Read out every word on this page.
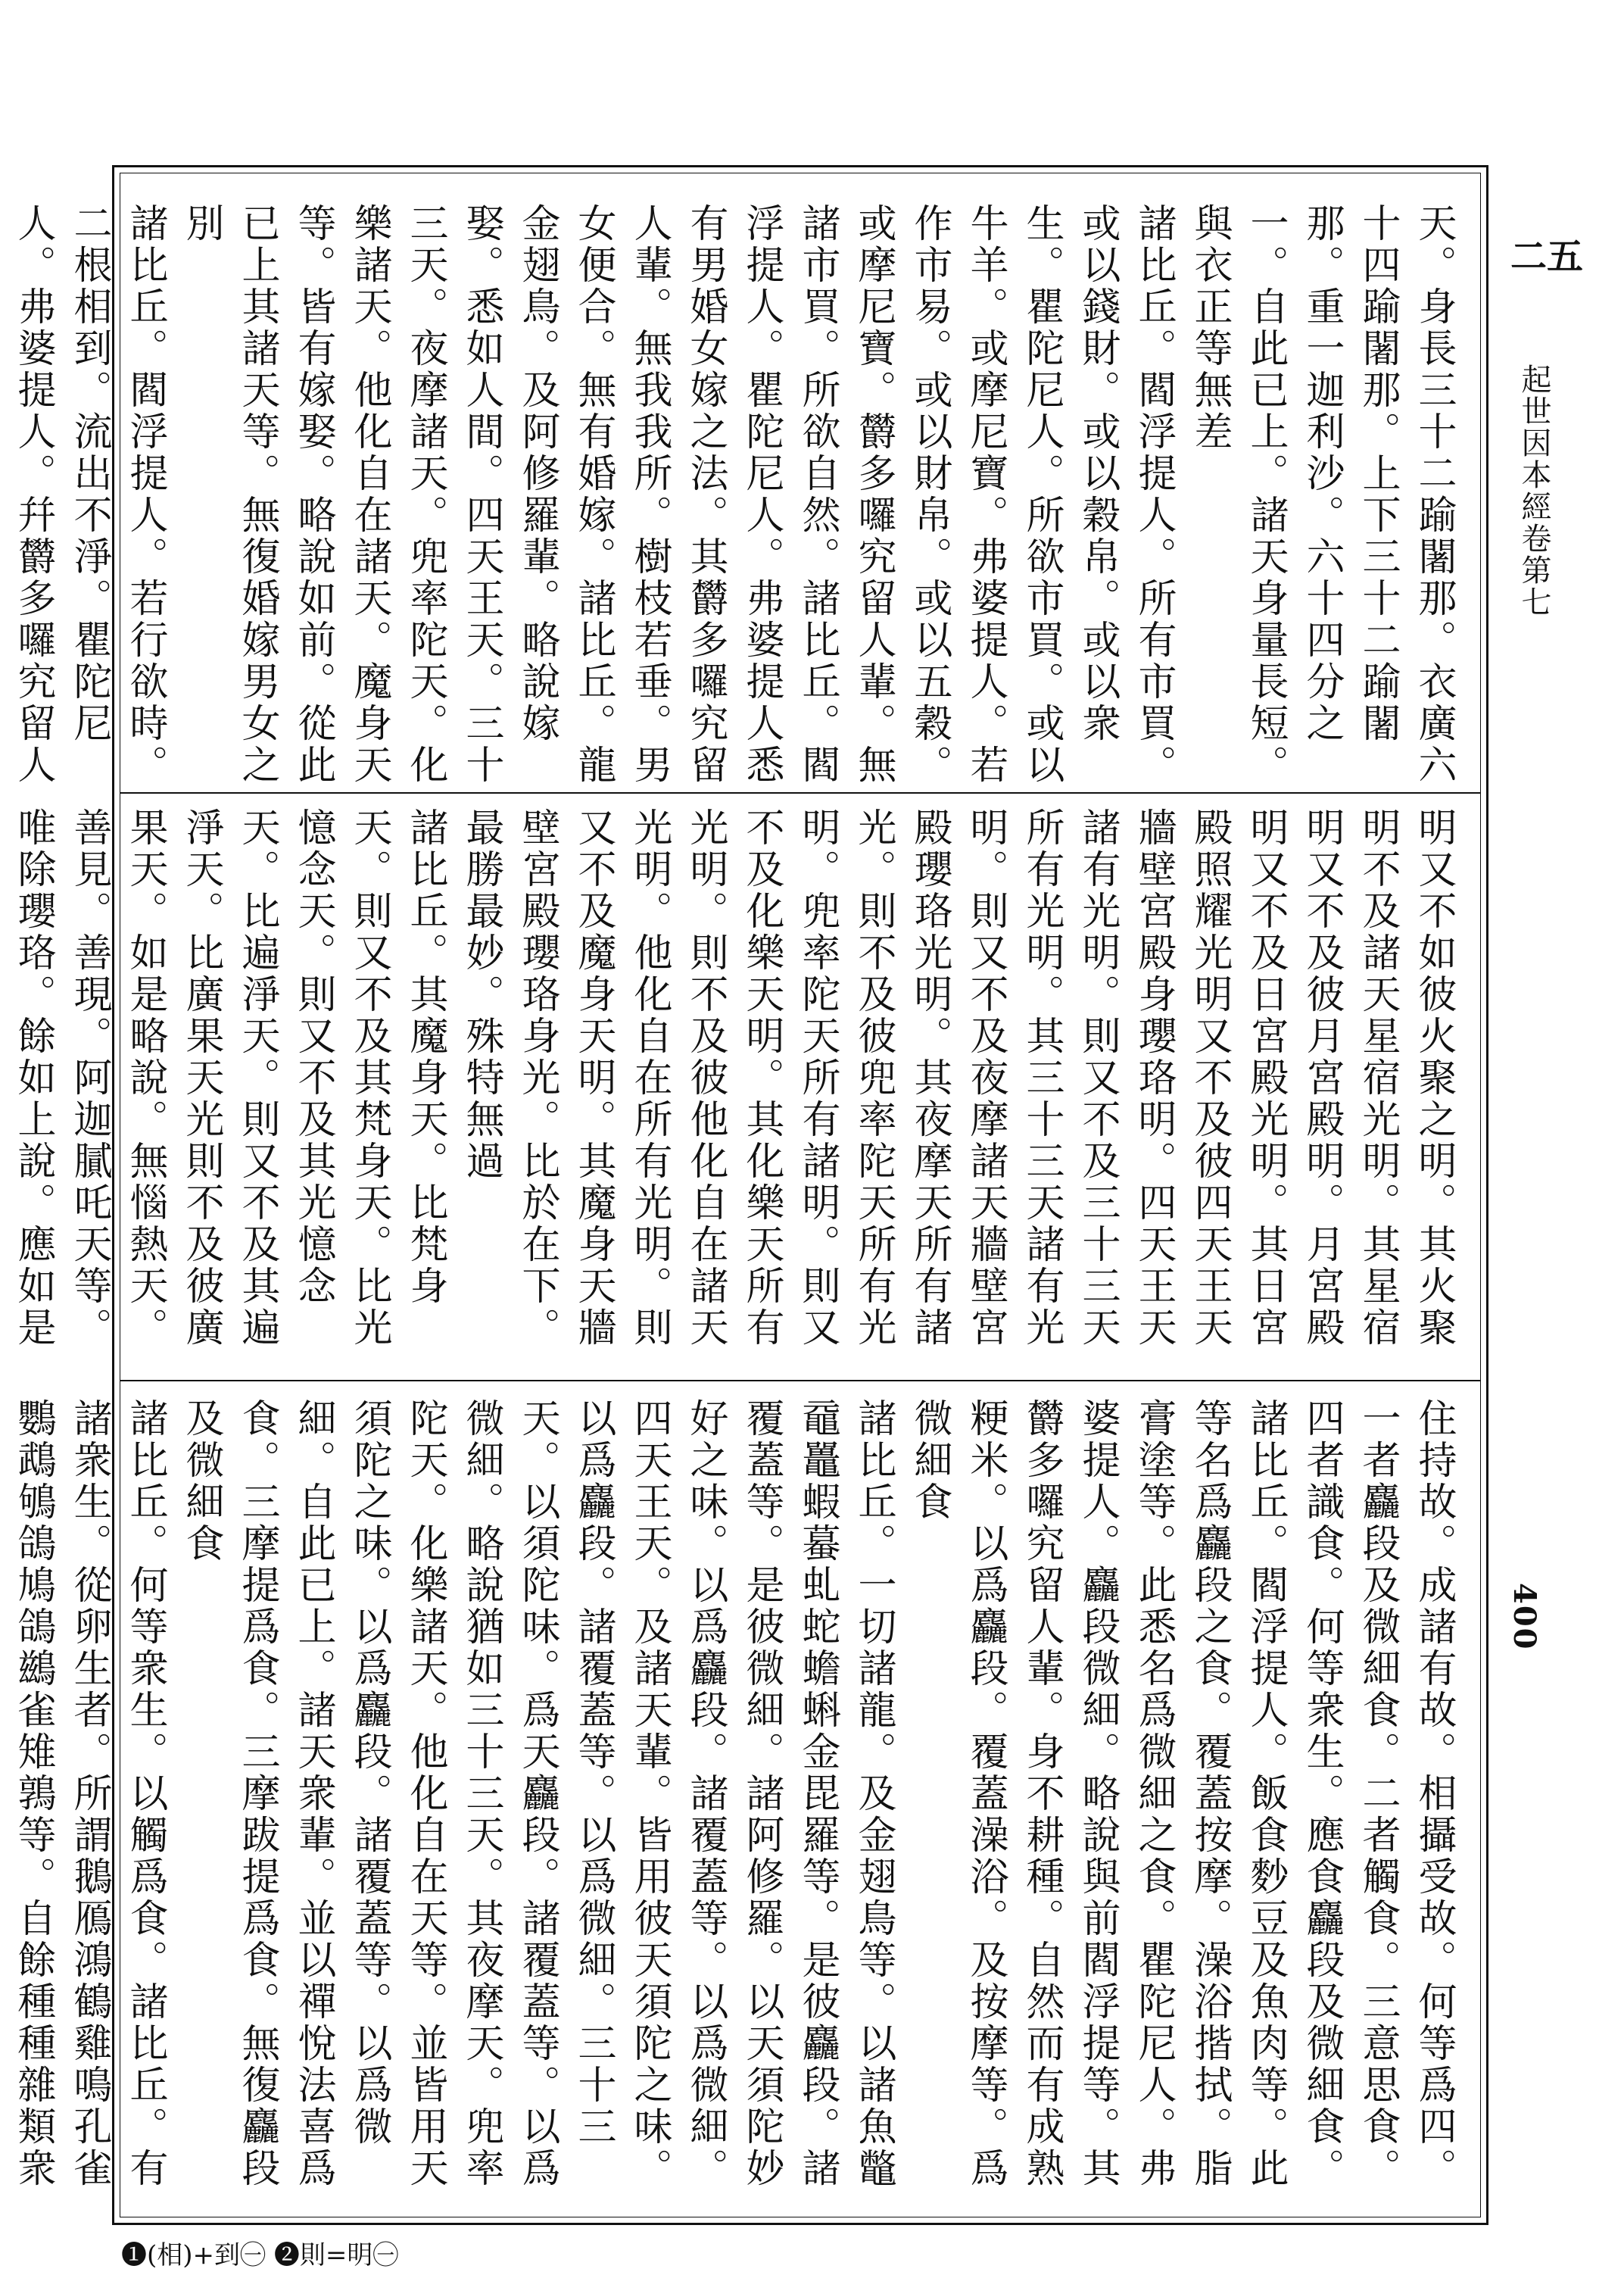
二五
起世因本經卷第七
400

天。身長三十二踰闍那。衣廣六十四踰闍那。上下三十二踰闍那。重一迦利沙。六十四分之一。自此已上。諸天身量長短。與衣正等無差

諸比丘。閻浮提人。所有市買。或以錢財。或以穀帛。或以衆生。瞿陀尼人。所欲市買。或以牛羊。或摩尼寶。弗婆提人。若作市易。或以財帛。或以五穀。或摩尼寶。欝多囉究留人輩。無諸市買。所欲自然。諸比丘。閻浮提人。瞿陀尼人。弗婆提人悉有男婚女嫁之法。其欝多囉究留人輩。無我我所。樹枝若垂。男女便合。無有婚嫁。諸比丘。龍金翅鳥。及阿修羅輩。略說嫁娶。悉如人間。四天王天。三十三天。夜摩諸天。兜率陀天。化樂諸天。他化自在諸天。魔身天等。皆有嫁娶。略說如前。從此已上其諸天等。無復婚嫁男女之別

諸比丘。閻浮提人。若行欲時。二根相到。流出不淨。瞿陀尼人。弗婆提人。幷欝多囉究留人

明又不如彼火聚之明。其火聚明不及諸天星宿光明。其星宿明又不及彼月宮殿明。月宮殿明又不及日宮殿光明。其日宮殿照耀光明又不及彼四天王天牆壁宮殿身瓔珞明。四天王天諸有光明。則又不及三十三天所有光明。其三十三天諸有光明。則又不及夜摩諸天牆壁宮殿瓔珞光明。其夜摩天所有諸光。則不及彼兜率陀天所有光明。兜率陀天所有諸明。則又不及化樂天明。其化樂天所有光明。則不及彼他化自在諸天光明。他化自在所有光明。則又不及魔身天明。其魔身天牆壁宮殿瓔珞身光。比於在下。最勝最妙。殊特無過

諸比丘。其魔身天。比梵身天。則又不及其梵身天。比光憶念天。則又不及其光憶念天。比遍淨天。則又不及其遍淨天。比廣果天光則不及彼廣果天。如是略說。無惱熱天。善見。善現。阿迦膩吒天等。唯除瓔珞。餘如上說。應如是

住持故。成諸有故。相攝受故。何等爲四。一者麤段及微細食。二者觸食。三意思食。四者識食。何等衆生。應食麤段及微細食。諸比丘。閻浮提人。飯食麨豆及魚肉等。此等名爲麤段之食。覆蓋按摩。澡浴揩拭。脂膏塗等。此悉名爲微細之食。瞿陀尼人。弗婆提人。麤段微細。略說與前閻浮提等。其欝多囉究留人輩。身不耕種。自然而有成熟粳米。以爲麤段。覆蓋澡浴。及按摩等。爲微細食

諸比丘。一切諸龍。及金翅鳥等。以諸魚鼈黿鼉蝦蟇虬蛇蟾蝌金毘羅等。是彼麤段。諸覆蓋等。是彼微細。諸阿修羅。以天須陀妙好之味。以爲麤段。諸覆蓋等。以爲微細。四天王天。及諸天輩。皆用彼天須陀之味。以爲麤段。諸覆蓋等。以爲微細。三十三天。以須陀味。爲天麤段。諸覆蓋等。以爲微細。略說猶如三十三天。其夜摩天。兜率陀天。化樂諸天。他化自在天等。並皆用天須陀之味。以爲麤段。諸覆蓋等。以爲微細。自此已上。諸天衆輩。並以禪悅法喜爲食。三摩提爲食。三摩跋提爲食。無復麤段及微細食

諸比丘。何等衆生。以觸爲食。諸比丘。有諸衆生。從卵生者。所謂鵝鴈鴻鶴雞鳴孔雀鸚鵡鴝鴿鳩鴿鷀雀雉鶉等。自餘種種雜類衆

❶(相)+到㊀ ❷則=明㊀
